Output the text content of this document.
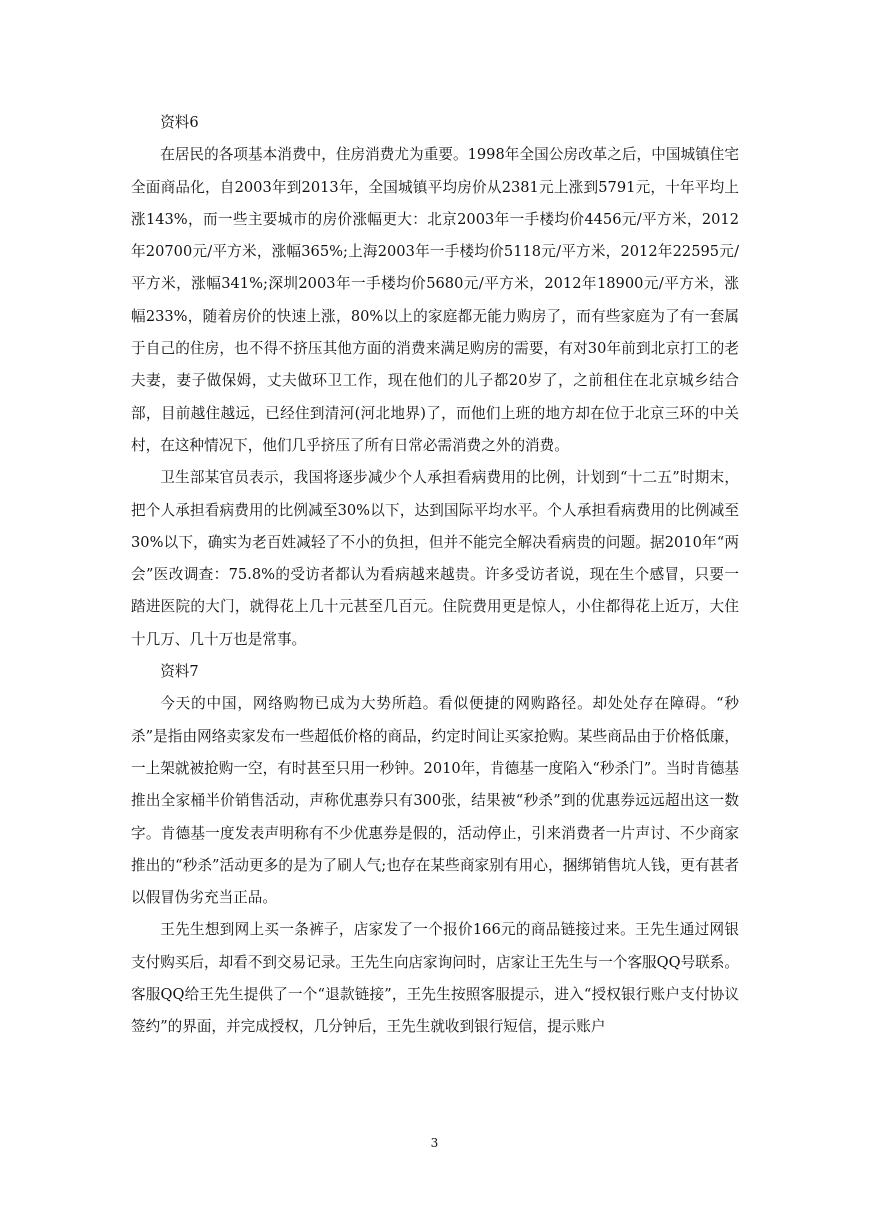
资料6

在居民的各项基本消费中，住房消费尤为重要。1998年全国公房改革之后，中国城镇住宅全面商品化，自2003年到2013年，全国城镇平均房价从2381元上涨到5791元，十年平均上涨143%，而一些主要城市的房价涨幅更大：北京2003年一手楼均价4456元/平方米，2012年20700元/平方米，涨幅365%;上海2003年一手楼均价5118元/平方米，2012年22595元/平方米，涨幅341%;深圳2003年一手楼均价5680元/平方米，2012年18900元/平方米，涨幅233%，随着房价的快速上涨，80%以上的家庭都无能力购房了，而有些家庭为了有一套属于自己的住房，也不得不挤压其他方面的消费来满足购房的需要，有对30年前到北京打工的老夫妻，妻子做保姆，丈夫做环卫工作，现在他们的儿子都20岁了，之前租住在北京城乡结合部，目前越住越远，已经住到清河(河北地界)了，而他们上班的地方却在位于北京三环的中关村，在这种情况下，他们几乎挤压了所有日常必需消费之外的消费。

卫生部某官员表示，我国将逐步减少个人承担看病费用的比例，计划到“十二五”时期末，把个人承担看病费用的比例减至30%以下，达到国际平均水平。个人承担看病费用的比例减至30%以下，确实为老百姓减轻了不小的负担，但并不能完全解决看病贵的问题。据2010年“两会”医改调查：75.8%的受访者都认为看病越来越贵。许多受访者说，现在生个感冒，只要一踏进医院的大门，就得花上几十元甚至几百元。住院费用更是惊人，小住都得花上近万，大住十几万、几十万也是常事。

资料7

今天的中国，网络购物已成为大势所趋。看似便捷的网购路径。却处处存在障碍。“秒杀”是指由网络卖家发布一些超低价格的商品，约定时间让买家抢购。某些商品由于价格低廉，一上架就被抢购一空，有时甚至只用一秒钟。2010年，肯德基一度陷入“秒杀门”。当时肯德基推出全家桶半价销售活动，声称优惠券只有300张，结果被“秒杀”到的优惠券远远超出这一数字。肯德基一度发表声明称有不少优惠券是假的，活动停止，引来消费者一片声讨、不少商家推出的“秒杀”活动更多的是为了刷人气;也存在某些商家别有用心，捆绑销售坑人钱，更有甚者以假冒伪劣充当正品。

王先生想到网上买一条裤子，店家发了一个报价166元的商品链接过来。王先生通过网银支付购买后，却看不到交易记录。王先生向店家询问时，店家让王先生与一个客服QQ号联系。客服QQ给王先生提供了一个“退款链接”，王先生按照客服提示，进入“授权银行账户支付协议签约”的界面，并完成授权，几分钟后，王先生就收到银行短信，提示账户

3
